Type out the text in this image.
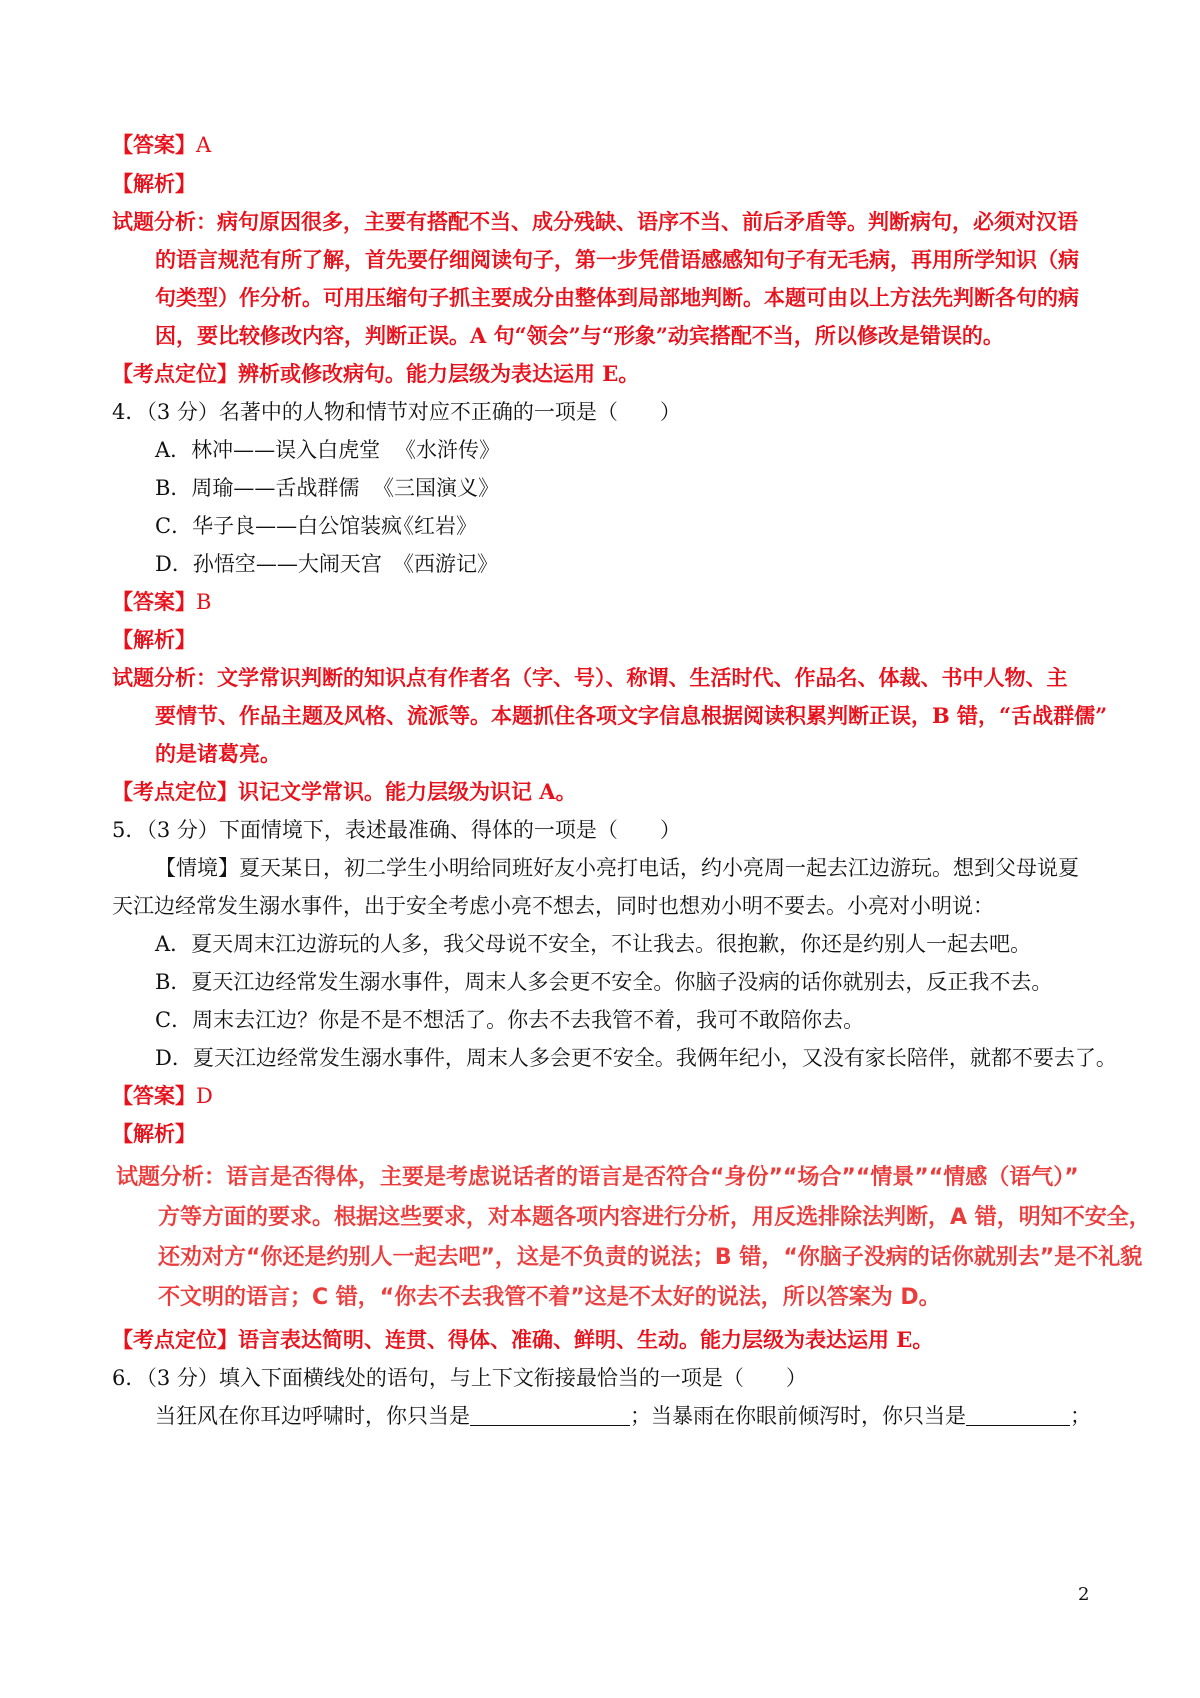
【答案】A
【解析】
试题分析：病句原因很多，主要有搭配不当、成分残缺、语序不当、前后矛盾等。判断病句，必须对汉语
的语言规范有所了解，首先要仔细阅读句子，第一步凭借语感感知句子有无毛病，再用所学知识（病
句类型）作分析。可用压缩句子抓主要成分由整体到局部地判断。本题可由以上方法先判断各句的病
因，要比较修改内容，判断正误。A 句“领会”与“形象”动宾搭配不当，所以修改是错误的。
【考点定位】辨析或修改病句。能力层级为表达运用 E。
4．（3 分）名著中的人物和情节对应不正确的一项是（　　）
A．林冲——误入白虎堂 《水浒传》
B．周瑜——舌战群儒 《三国演义》
C．华子良——白公馆装疯
《红岩》
D．孙悟空——大闹天宫 《西游记》
【答案】B
【解析】
试题分析：文学常识判断的知识点有作者名（字、号）、称谓、生活时代、作品名、体裁、书中人物、主
要情节、作品主题及风格、流派等。本题抓住各项文字信息根据阅读积累判断正误，B 错，“舌战群儒”
的是诸葛亮。
【考点定位】识记文学常识。能力层级为识记 A。
5．（3 分）下面情境下，表述最准确、得体的一项是（　　）
【情境】夏天某日，初二学生小明给同班好友小亮打电话，约小亮周一起去江边游玩。想到父母说夏
天江边经常发生溺水事件，出于安全考虑小亮不想去，同时也想劝小明不要去。小亮对小明说：
A．夏天周末江边游玩的人多，我父母说不安全，不让我去。很抱歉，你还是约别人一起去吧。
B．夏天江边经常发生溺水事件，周末人多会更不安全。你脑子没病的话你就别去，反正我不去。
C．周末去江边？你是不是不想活了。你去不去我管不着，我可不敢陪你去。
D．夏天江边经常发生溺水事件，周末人多会更不安全。我俩年纪小，又没有家长陪伴，就都不要去了。
【答案】D
【解析】
试题分析：语言是否得体，主要是考虑说话者的语言是否符合“身份”“场合”“情景”“情感（语气）”
方等方面的要求。根据这些要求，对本题各项内容进行分析，用反选排除法判断，A 错，明知不安全，
还劝对方“你还是约别人一起去吧”，这是不负责的说法；B 错，“你脑子没病的话你就别去”是不礼貌
不文明的语言；C 错，“你去不去我管不着”这是不太好的说法，所以答案为 D。
【考点定位】语言表达简明、连贯、得体、准确、鲜明、生动。能力层级为表达运用 E。
6．（3 分）填入下面横线处的语句，与上下文衔接最恰当的一项是（　　）
当狂风在你耳边呼啸时，你只当是	；当暴雨在你眼前倾泻时，你只当是	；
2
